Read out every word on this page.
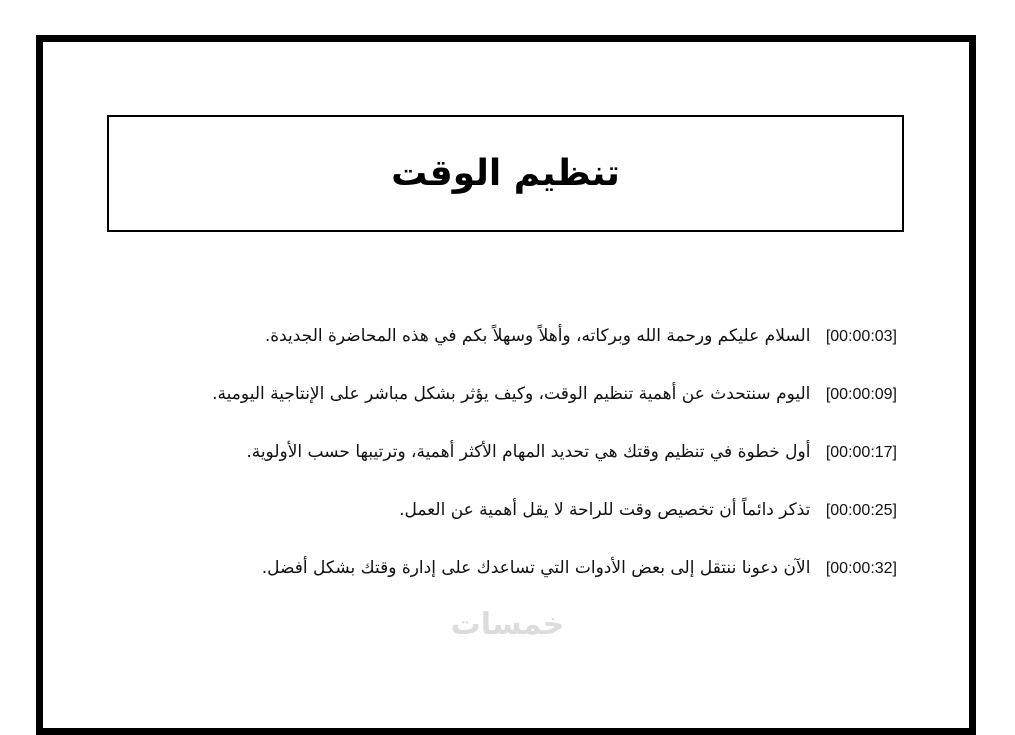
تنظيم الوقت
[00:00:03] السلام عليكم ورحمة الله وبركاته، وأهلاً وسهلاً بكم في هذه المحاضرة الجديدة.
[00:00:09] اليوم سنتحدث عن أهمية تنظيم الوقت، وكيف يؤثر بشكل مباشر على الإنتاجية اليومية.
[00:00:17] أول خطوة في تنظيم وقتك هي تحديد المهام الأكثر أهمية، وترتيبها حسب الأولوية.
[00:00:25] تذكر دائماً أن تخصيص وقت للراحة لا يقل أهمية عن العمل.
[00:00:32] الآن دعونا ننتقل إلى بعض الأدوات التي تساعدك على إدارة وقتك بشكل أفضل.
خمسات
